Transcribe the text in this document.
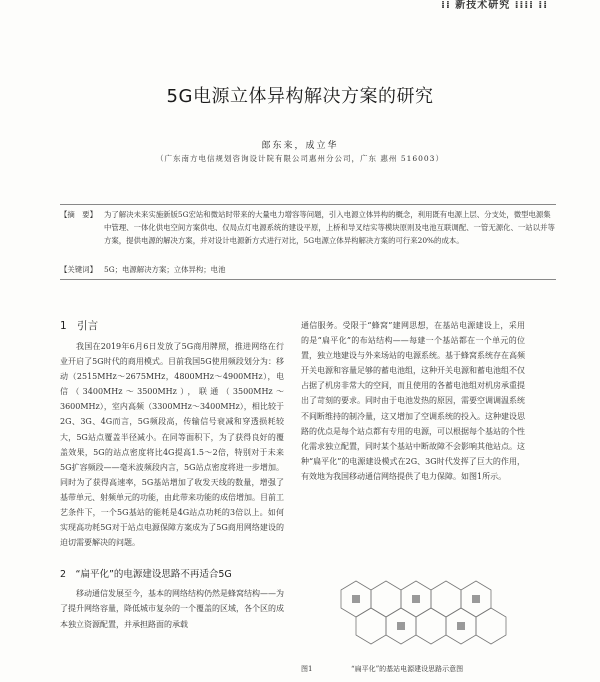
⁞⁞ 新技术研究 ⁞⁞⁞⁞ ⁞⁞
5G电源立体异构解决方案的研究
郎东来，成立华
（广东南方电信规划咨询设计院有限公司惠州分公司，广东 惠州 516003）
【摘　要】 为了解决未来实施新版5G宏站和微站时带来的大量电力增容等问题，引入电源立体异构的概念，利用既有电源上层、分支处，微型电源集中管理、一体化供电空间方案供电、仅局点灯电源系统的建设平原，上桥和导叉结实等模块原则及电池互联调配、一管无源化、一站以并等方案，提供电源的解决方案，并对设计电源新方式进行对比，5G电源立体异构解决方案的可行来20%的成本。
【关键词】 5G；电源解决方案；立体异构；电池
1　引言

我国在2019年6月6日发放了5G商用牌照，推进网络在行业开启了5G时代的商用模式。目前我国5G使用频段划分为：移动（2515MHz～2675MHz，4800MHz～4900MHz），电信（3400MHz～3500MHz），联通（3500MHz～3600MHz），室内高频（3300MHz～3400MHz），相比较于2G、3G、4G而言，5G频段高，传输信号衰减和穿透损耗较大，5G站点覆盖半径减小。在同等面积下，为了获得良好的覆盖效果，5G的站点密度将比4G提高1.5～2倍，特别对于未来5G扩容频段——毫米波频段内言，5G站点密度将进一步增加。同时为了获得高速率，5G基站增加了收发天线的数量，增强了基带单元、射频单元的功能，由此带来功能的成倍增加。目前工艺条件下，一个5G基站的能耗是4G站点功耗的3倍以上。如何实现高功耗5G对于站点电源保障方案成为了5G商用网络建设的迫切需要解决的问题。

2　“扁平化”的电源建设思路不再适合5G

移动通信发展至今，基本的网络结构仍然是蜂窝结构——为了提升网络容量，降低城市复杂的一个覆盖的区域，各个区的成本独立资源配置，并承担路面的承载

通信服务。受限于“蜂窝”建网思想，在基站电源建设上，采用的是“扁平化”的布站结构——每建一个基站都在一个单元的位置，独立地建设与外来场站的电源系统。基于蜂窝系统存在高频开关电源和容量足够的蓄电池组，这种开关电源和蓄电池组不仅占据了机房非常大的空间，而且使用的各蓄电池组对机房承重提出了苛刻的要求。同时由于电池发热的原因，需要空调调温系统不间断维持的制冷量，这又增加了空调系统的投入。这种建设思路的优点是每个站点都有专用的电源，可以根据每个基站的个性化需求独立配置，同时某个基站中断故障不会影响其他站点。这种“扁平化”的电源建设模式在2G、3G时代发挥了巨大的作用，有效地为我国移动通信网络提供了电力保障。如图1所示。

图1	“扁平化”的基站电源建设思路示意图
